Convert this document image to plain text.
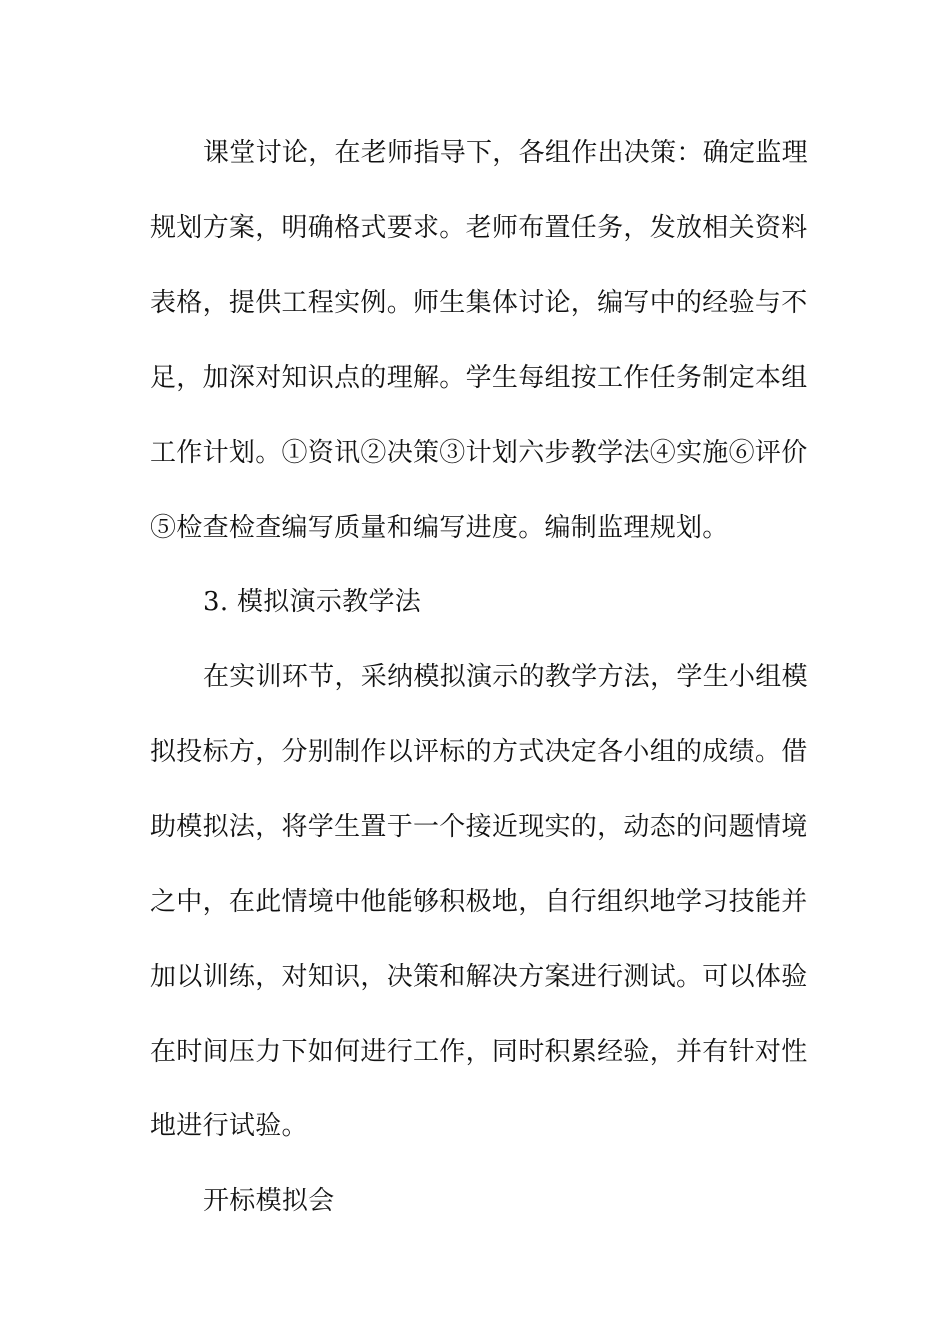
课堂讨论，在老师指导下，各组作出决策：确定监理
规划方案，明确格式要求。老师布置任务，发放相关资料
表格，提供工程实例。师生集体讨论，编写中的经验与不
足，加深对知识点的理解。学生每组按工作任务制定本组
工作计划。①资讯②决策③计划六步教学法④实施⑥评价
⑤检查检查编写质量和编写进度。编制监理规划。
3. 模拟演示教学法
在实训环节，采纳模拟演示的教学方法，学生小组模
拟投标方，分别制作以评标的方式决定各小组的成绩。借
助模拟法，将学生置于一个接近现实的，动态的问题情境
之中，在此情境中他能够积极地，自行组织地学习技能并
加以训练，对知识，决策和解决方案进行测试。可以体验
在时间压力下如何进行工作，同时积累经验，并有针对性
地进行试验。
开标模拟会
